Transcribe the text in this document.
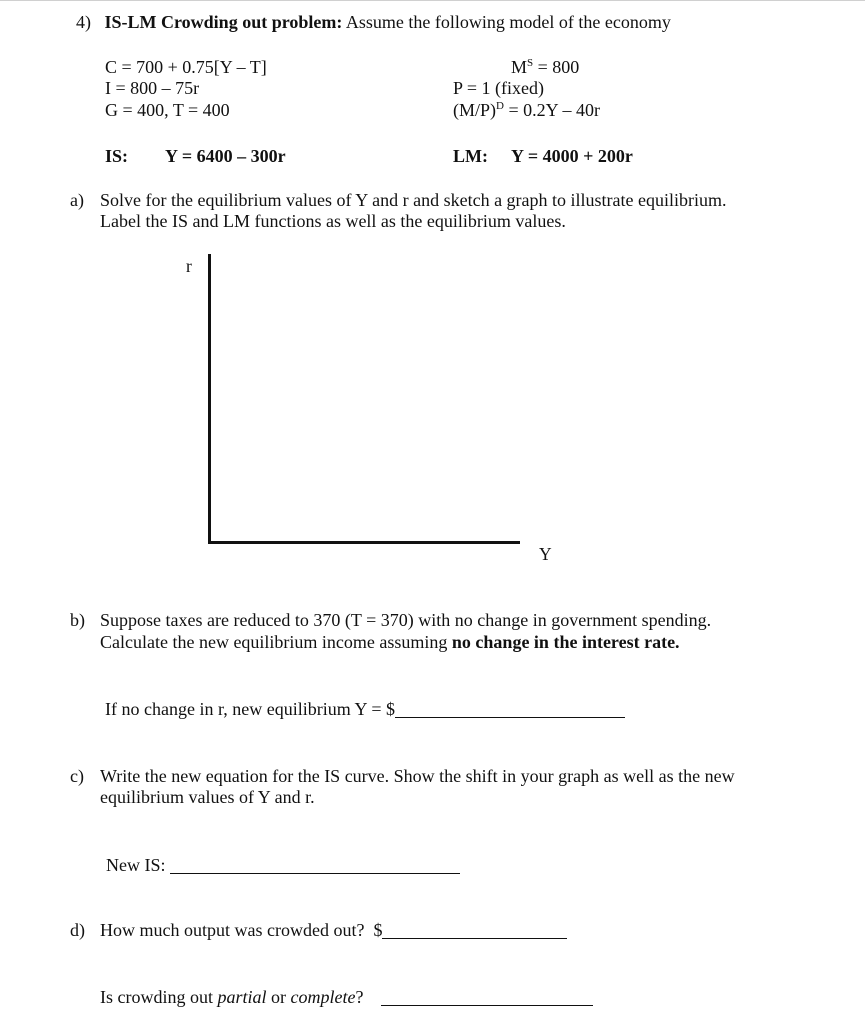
4) IS-LM Crowding out problem: Assume the following model of the economy
C = 700 + 0.75[Y – T]
I = 800 – 75r
G = 400, T = 400
$M^S = 800$
P = 1 (fixed)
$(M/P)^D = 0.2Y - 40r$
IS: Y = 6400 – 300r	LM: Y = 4000 + 200r
a) Solve for the equilibrium values of Y and r and sketch a graph to illustrate equilibrium.
Label the IS and LM functions as well as the equilibrium values.
r
Y
b) Suppose taxes are reduced to 370 (T = 370) with no change in government spending.
Calculate the new equilibrium income assuming no change in the interest rate.
If no change in r, new equilibrium Y = $
c) Write the new equation for the IS curve. Show the shift in your graph as well as the new
equilibrium values of Y and r.
New IS:
d) How much output was crowded out? $
Is crowding out partial or complete?
